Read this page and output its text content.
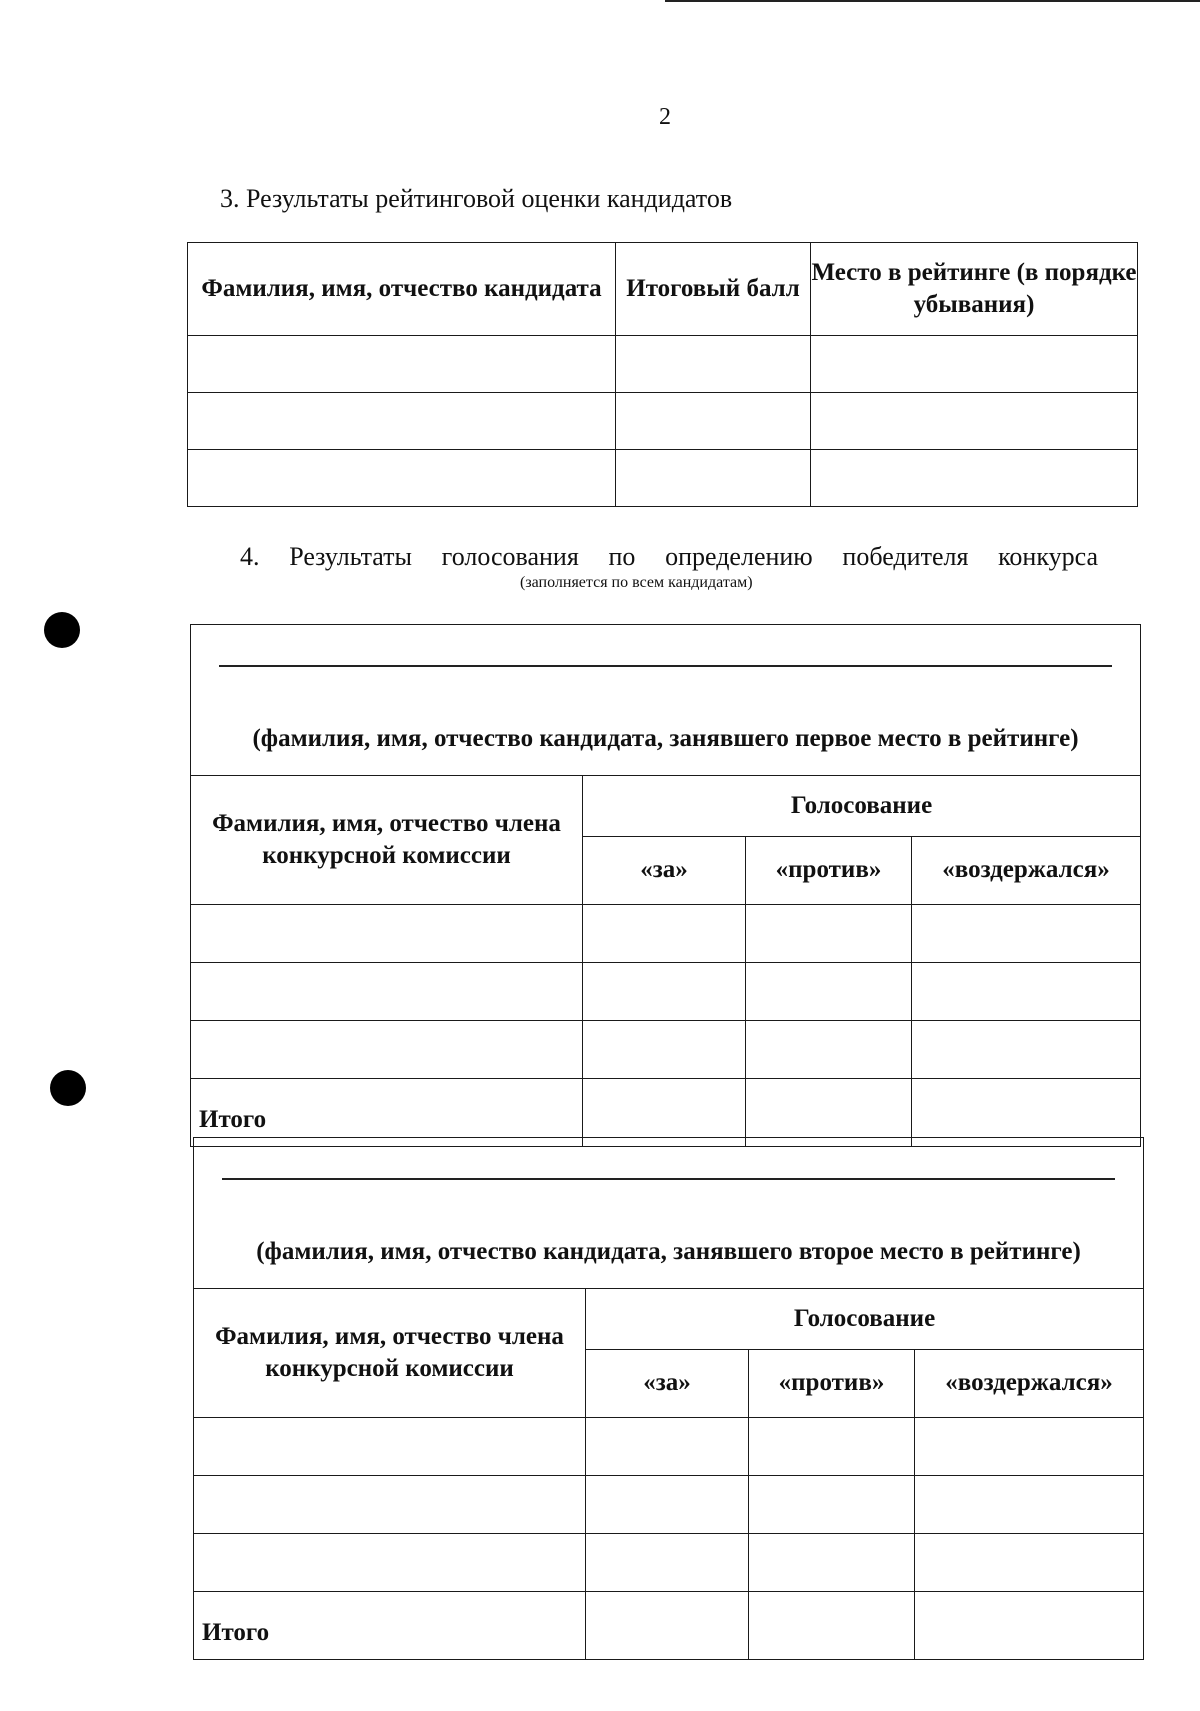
2
3. Результаты рейтинговой оценки кандидатов
Фамилия, имя, отчество кандидата	Итоговый балл	Место в рейтинге (в порядке убывания)

4. Результаты голосования по определению победителя конкурса
(заполняется по всем кандидатам)
(фамилия, имя, отчество кандидата, занявшего первое место в рейтинге)			

Фамилия, имя, отчество члена конкурсной комиссии	Голосование		
	«за»	«против»	«воздержался»

Итого			
(фамилия, имя, отчество кандидата, занявшего второе место в рейтинге)			

Фамилия, имя, отчество члена конкурсной комиссии	Голосование		
	«за»	«против»	«воздержался»

Итого			
